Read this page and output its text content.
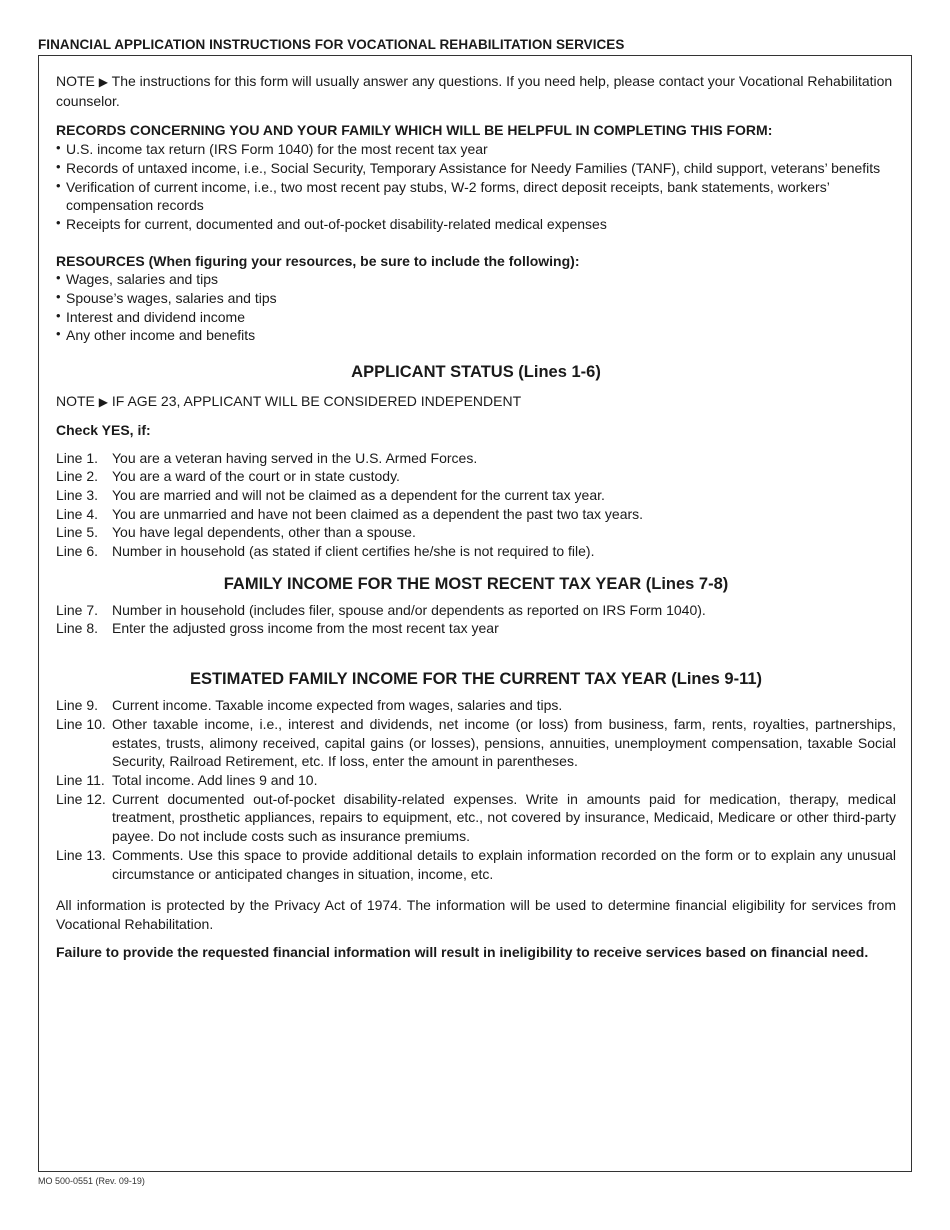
FINANCIAL APPLICATION INSTRUCTIONS FOR VOCATIONAL REHABILITATION SERVICES

NOTE ▶ The instructions for this form will usually answer any questions. If you need help, please contact your Vocational Rehabilitation counselor.

RECORDS CONCERNING YOU AND YOUR FAMILY WHICH WILL BE HELPFUL IN COMPLETING THIS FORM:

• U.S. income tax return (IRS Form 1040) for the most recent tax year
• Records of untaxed income, i.e., Social Security, Temporary Assistance for Needy Families (TANF), child support, veterans’ benefits
• Verification of current income, i.e., two most recent pay stubs, W-2 forms, direct deposit receipts, bank statements, workers’ compensation records
• Receipts for current, documented and out-of-pocket disability-related medical expenses

RESOURCES (When figuring your resources, be sure to include the following):

• Wages, salaries and tips
• Spouse’s wages, salaries and tips
• Interest and dividend income
• Any other income and benefits

APPLICANT STATUS (Lines 1-6)

NOTE ▶ IF AGE 23, APPLICANT WILL BE CONSIDERED INDEPENDENT

Check YES, if:

Line 1. You are a veteran having served in the U.S. Armed Forces.
Line 2. You are a ward of the court or in state custody.
Line 3. You are married and will not be claimed as a dependent for the current tax year.
Line 4. You are unmarried and have not been claimed as a dependent the past two tax years.
Line 5. You have legal dependents, other than a spouse.
Line 6. Number in household (as stated if client certifies he/she is not required to file).

FAMILY INCOME FOR THE MOST RECENT TAX YEAR (Lines 7-8)

Line 7. Number in household (includes filer, spouse and/or dependents as reported on IRS Form 1040).
Line 8. Enter the adjusted gross income from the most recent tax year

ESTIMATED FAMILY INCOME FOR THE CURRENT TAX YEAR (Lines 9-11)

Line 9. Current income. Taxable income expected from wages, salaries and tips.
Line 10. Other taxable income, i.e., interest and dividends, net income (or loss) from business, farm, rents, royalties, partnerships, estates, trusts, alimony received, capital gains (or losses), pensions, annuities, unemployment compensation, taxable Social Security, Railroad Retirement, etc. If loss, enter the amount in parentheses.
Line 11. Total income. Add lines 9 and 10.
Line 12. Current documented out-of-pocket disability-related expenses. Write in amounts paid for medication, therapy, medical treatment, prosthetic appliances, repairs to equipment, etc., not covered by insurance, Medicaid, Medicare or other third-party payee. Do not include costs such as insurance premiums.
Line 13. Comments. Use this space to provide additional details to explain information recorded on the form or to explain any unusual circumstance or anticipated changes in situation, income, etc.

All information is protected by the Privacy Act of 1974. The information will be used to determine financial eligibility for services from Vocational Rehabilitation.

Failure to provide the requested financial information will result in ineligibility to receive services based on financial need.

MO 500-0551 (Rev. 09-19)
